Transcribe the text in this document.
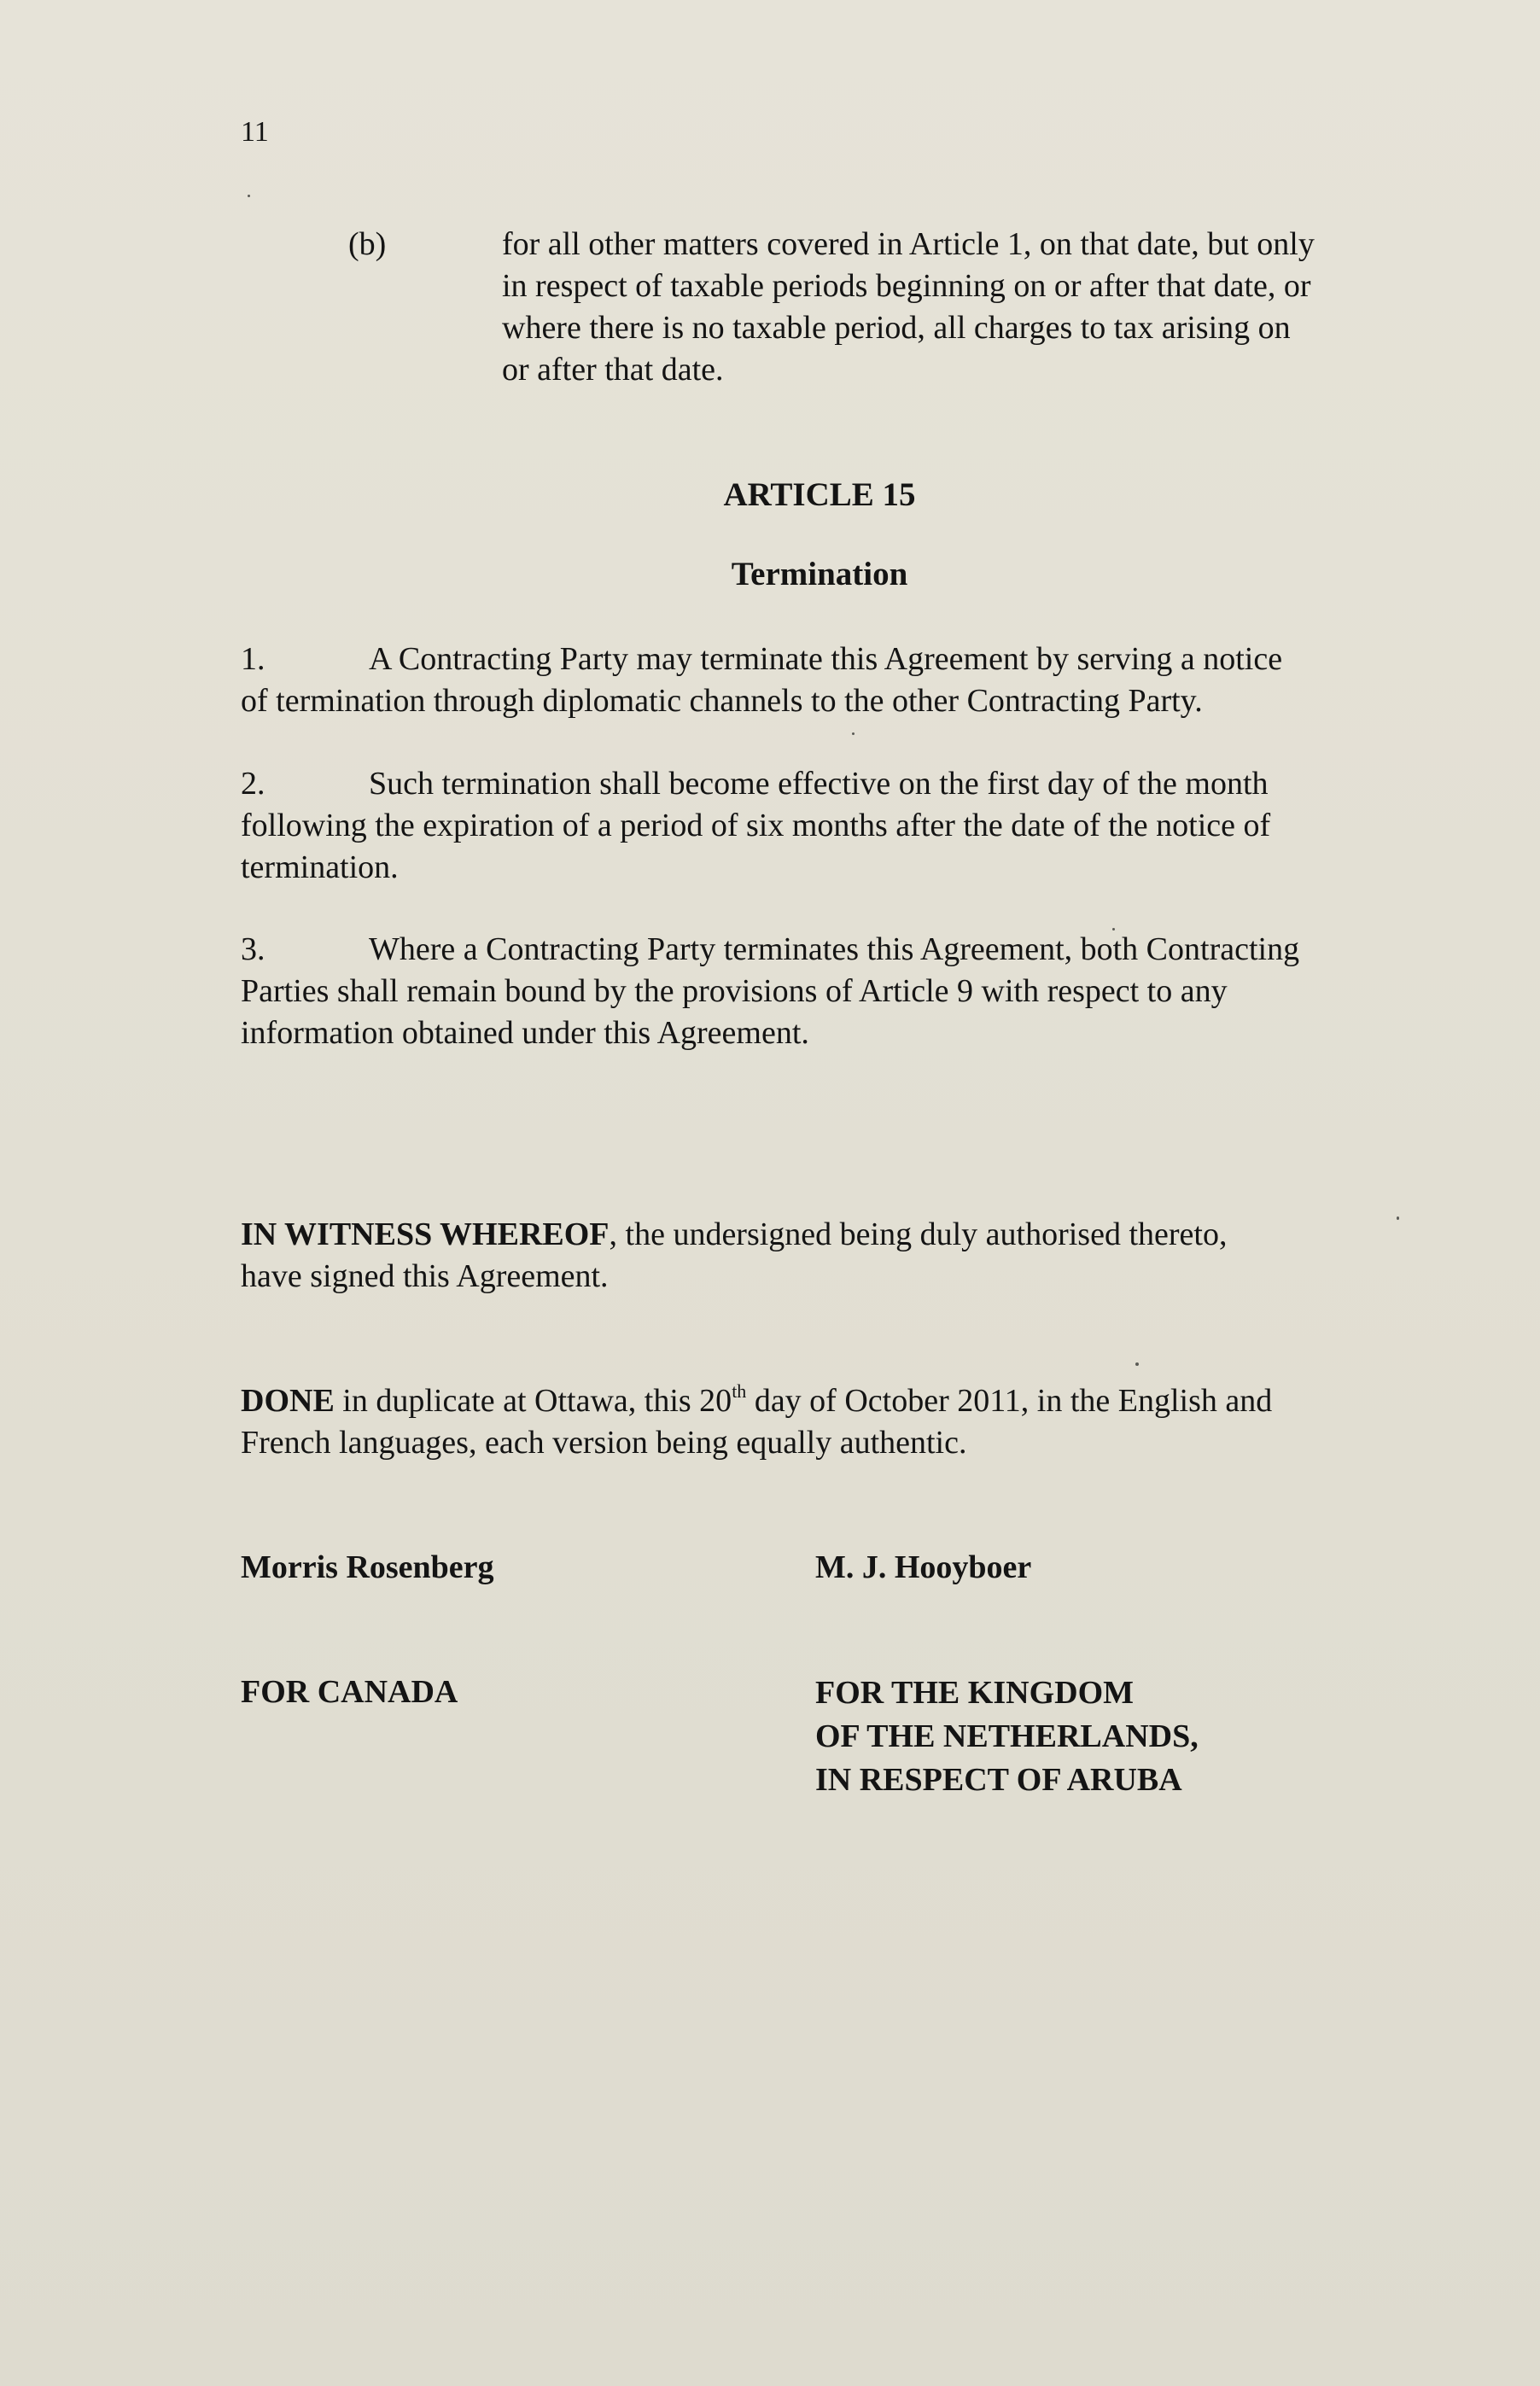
11
(b)	for all other matters covered in Article 1, on that date, but only
in respect of taxable periods beginning on or after that date, or
where there is no taxable period, all charges to tax arising on
or after that date.
ARTICLE 15
Termination
1.	A Contracting Party may terminate this Agreement by serving a notice
of termination through diplomatic channels to the other Contracting Party.
2.	Such termination shall become effective on the first day of the month
following the expiration of a period of six months after the date of the notice of
termination.
3.	Where a Contracting Party terminates this Agreement, both Contracting
Parties shall remain bound by the provisions of Article 9 with respect to any
information obtained under this Agreement.
IN WITNESS WHEREOF, the undersigned being duly authorised thereto,
have signed this Agreement.
DONE in duplicate at Ottawa, this 20th day of October 2011, in the English and
French languages, each version being equally authentic.
Morris Rosenberg	M. J. Hooyboer
FOR CANADA	FOR THE KINGDOM
OF THE NETHERLANDS,
IN RESPECT OF ARUBA
